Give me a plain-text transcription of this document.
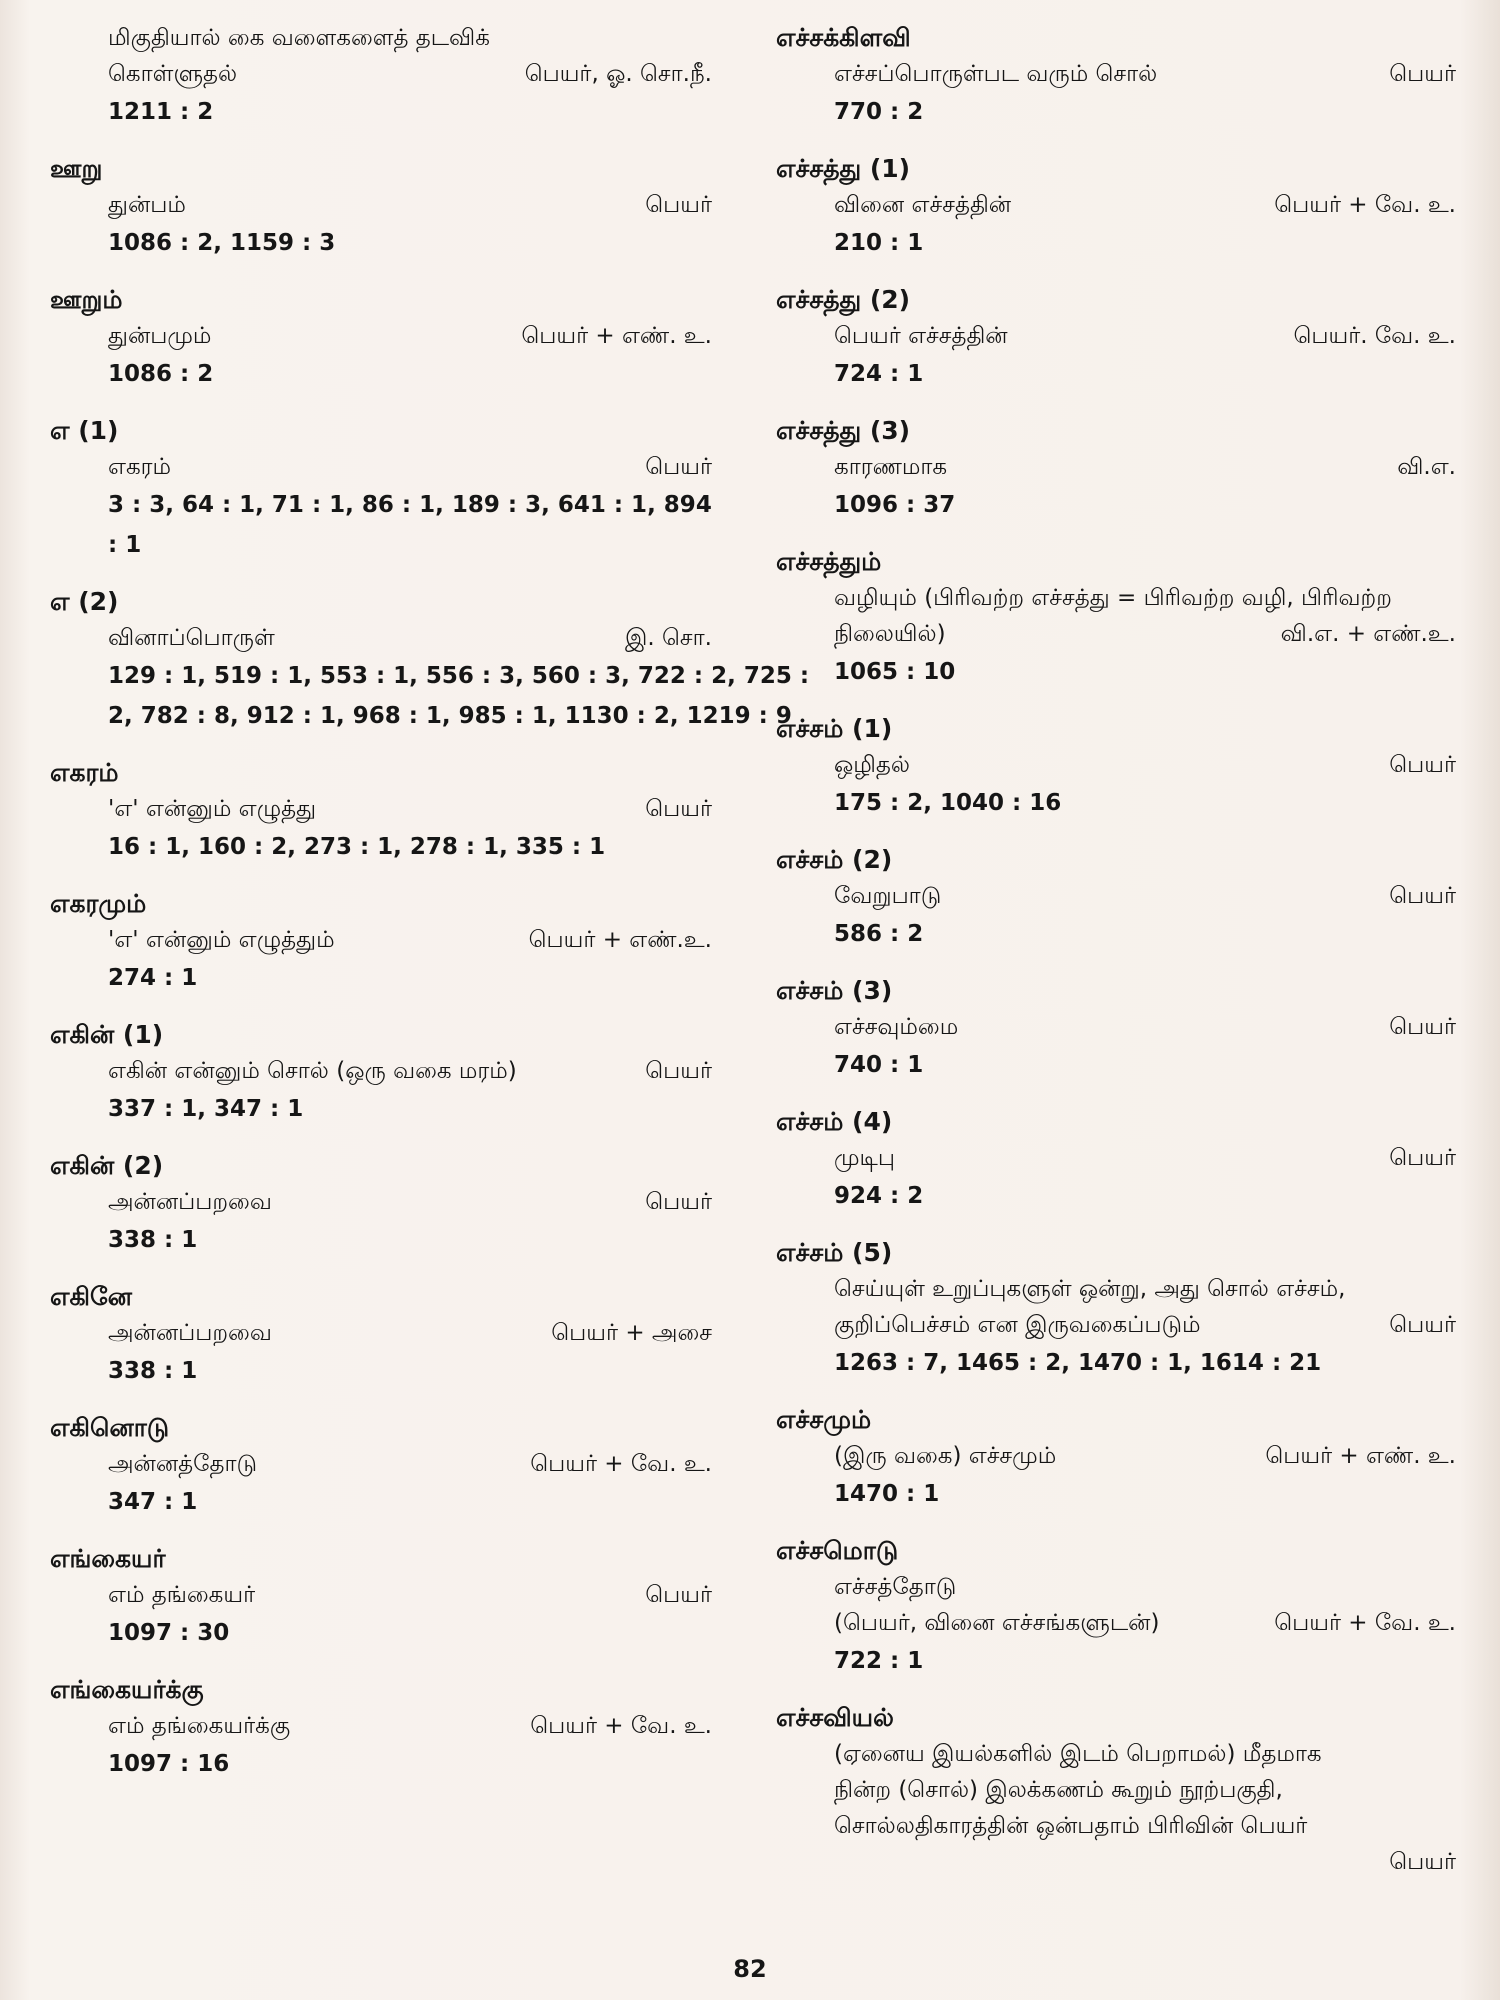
மிகுதியால் கை வளைகளைத் தடவிக்
கொள்ளுதல்	பெயர், ஓ. சொ.நீ.
1211 : 2
ஊறு
துன்பம்	பெயர்
1086 : 2, 1159 : 3
ஊறும்
துன்பமும்	பெயர் + எண். உ.
1086 : 2
எ (1)
எகரம்	பெயர்
3 : 3, 64 : 1, 71 : 1, 86 : 1, 189 : 3, 641 : 1, 894 : 1
எ (2)
வினாப்பொருள்	இ. சொ.
129 : 1, 519 : 1, 553 : 1, 556 : 3, 560 : 3, 722 : 2, 725 :
2, 782 : 8, 912 : 1, 968 : 1, 985 : 1, 1130 : 2, 1219 : 9
எகரம்
'எ' என்னும் எழுத்து	பெயர்
16 : 1, 160 : 2, 273 : 1, 278 : 1, 335 : 1
எகரமும்
'எ' என்னும் எழுத்தும்	பெயர் + எண்.உ.
274 : 1
எகின் (1)
எகின் என்னும் சொல் (ஒரு வகை மரம்)	பெயர்
337 : 1, 347 : 1
எகின் (2)
அன்னப்பறவை	பெயர்
338 : 1
எகினே
அன்னப்பறவை	பெயர் + அசை
338 : 1
எகினொடு
அன்னத்தோடு	பெயர் + வே. உ.
347 : 1
எங்கையர்
எம் தங்கையர்	பெயர்
1097 : 30
எங்கையர்க்கு
எம் தங்கையர்க்கு	பெயர் + வே. உ.
1097 : 16
எச்சக்கிளவி
எச்சப்பொருள்பட வரும் சொல்	பெயர்
770 : 2
எச்சத்து (1)
வினை எச்சத்தின்	பெயர் + வே. உ.
210 : 1
எச்சத்து (2)
பெயர் எச்சத்தின்	பெயர். வே. உ.
724 : 1
எச்சத்து (3)
காரணமாக	வி.எ.
1096 : 37
எச்சத்தும்
வழியும் (பிரிவற்ற எச்சத்து = பிரிவற்ற வழி, பிரிவற்ற
நிலையில்)	வி.எ. + எண்.உ.
1065 : 10
எச்சம் (1)
ஒழிதல்	பெயர்
175 : 2, 1040 : 16
எச்சம் (2)
வேறுபாடு	பெயர்
586 : 2
எச்சம் (3)
எச்சவும்மை	பெயர்
740 : 1
எச்சம் (4)
முடிபு	பெயர்
924 : 2
எச்சம் (5)
செய்யுள் உறுப்புகளுள் ஒன்று, அது சொல் எச்சம்,
குறிப்பெச்சம் என இருவகைப்படும்	பெயர்
1263 : 7, 1465 : 2, 1470 : 1, 1614 : 21
எச்சமும்
(இரு வகை) எச்சமும்	பெயர் + எண். உ.
1470 : 1
எச்சமொடு
எச்சத்தோடு
(பெயர், வினை எச்சங்களுடன்)	பெயர் + வே. உ.
722 : 1
எச்சவியல்
(ஏனைய இயல்களில் இடம் பெறாமல்) மீதமாக
நின்ற (சொல்) இலக்கணம் கூறும் நூற்பகுதி,
சொல்லதிகாரத்தின் ஒன்பதாம் பிரிவின் பெயர்
பெயர்
82
